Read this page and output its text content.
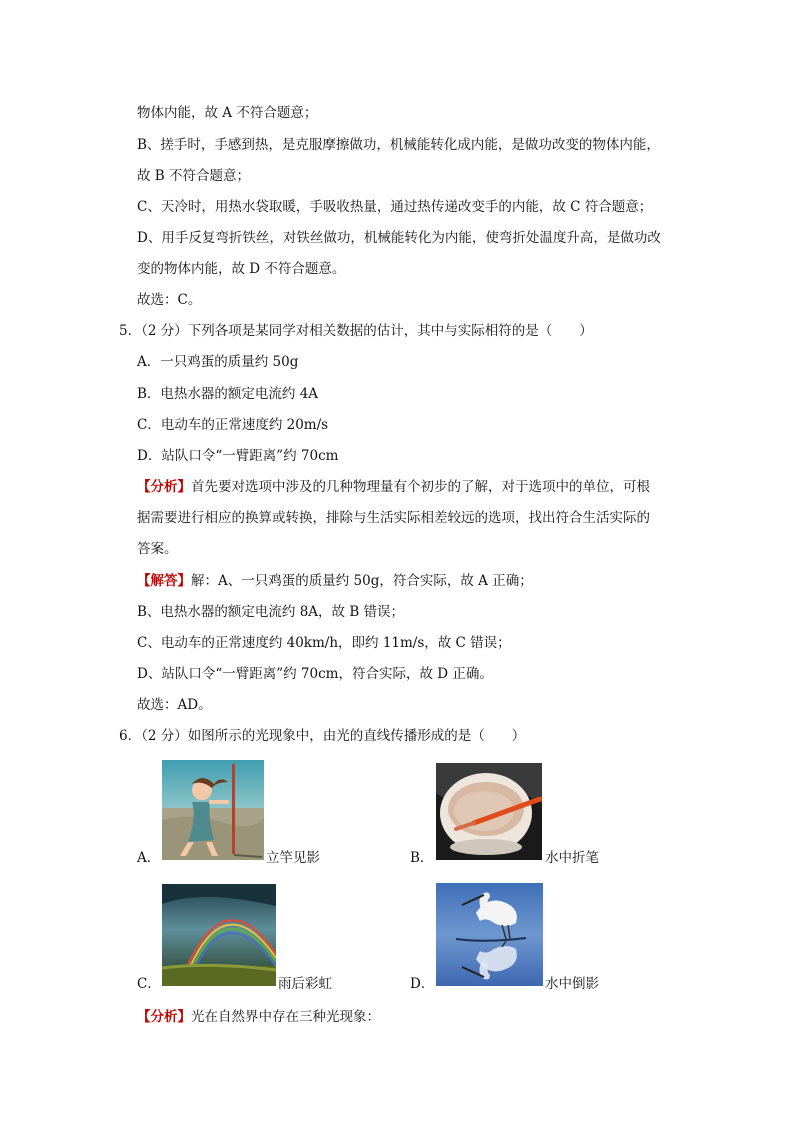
物体内能，故 A 不符合题意；
B、搓手时，手感到热，是克服摩擦做功，机械能转化成内能，是做功改变的物体内能，
故 B 不符合题意；
C、天冷时，用热水袋取暖，手吸收热量，通过热传递改变手的内能，故 C 符合题意；
D、用手反复弯折铁丝，对铁丝做功，机械能转化为内能，使弯折处温度升高，是做功改
变的物体内能，故 D 不符合题意。
故选：C。
5．（2 分）下列各项是某同学对相关数据的估计，其中与实际相符的是（　　）
A．一只鸡蛋的质量约 50g
B．电热水器的额定电流约 4A
C．电动车的正常速度约 20m/s
D．站队口令“一臂距离”约 70cm
【分析】首先要对选项中涉及的几种物理量有个初步的了解，对于选项中的单位，可根
据需要进行相应的换算或转换，排除与生活实际相差较远的选项，找出符合生活实际的
答案。
【解答】解：A、一只鸡蛋的质量约 50g，符合实际，故 A 正确；
B、电热水器的额定电流约 8A，故 B 错误；
C、电动车的正常速度约 40km/h，即约 11m/s，故 C 错误；
D、站队口令“一臂距离”约 70cm，符合实际，故 D 正确。
故选：AD。
6．（2 分）如图所示的光现象中，由光的直线传播形成的是（　　）
A．	立竿见影	B．	水中折笔
C．	雨后彩虹	D．	水中倒影
【分析】光在自然界中存在三种光现象：
